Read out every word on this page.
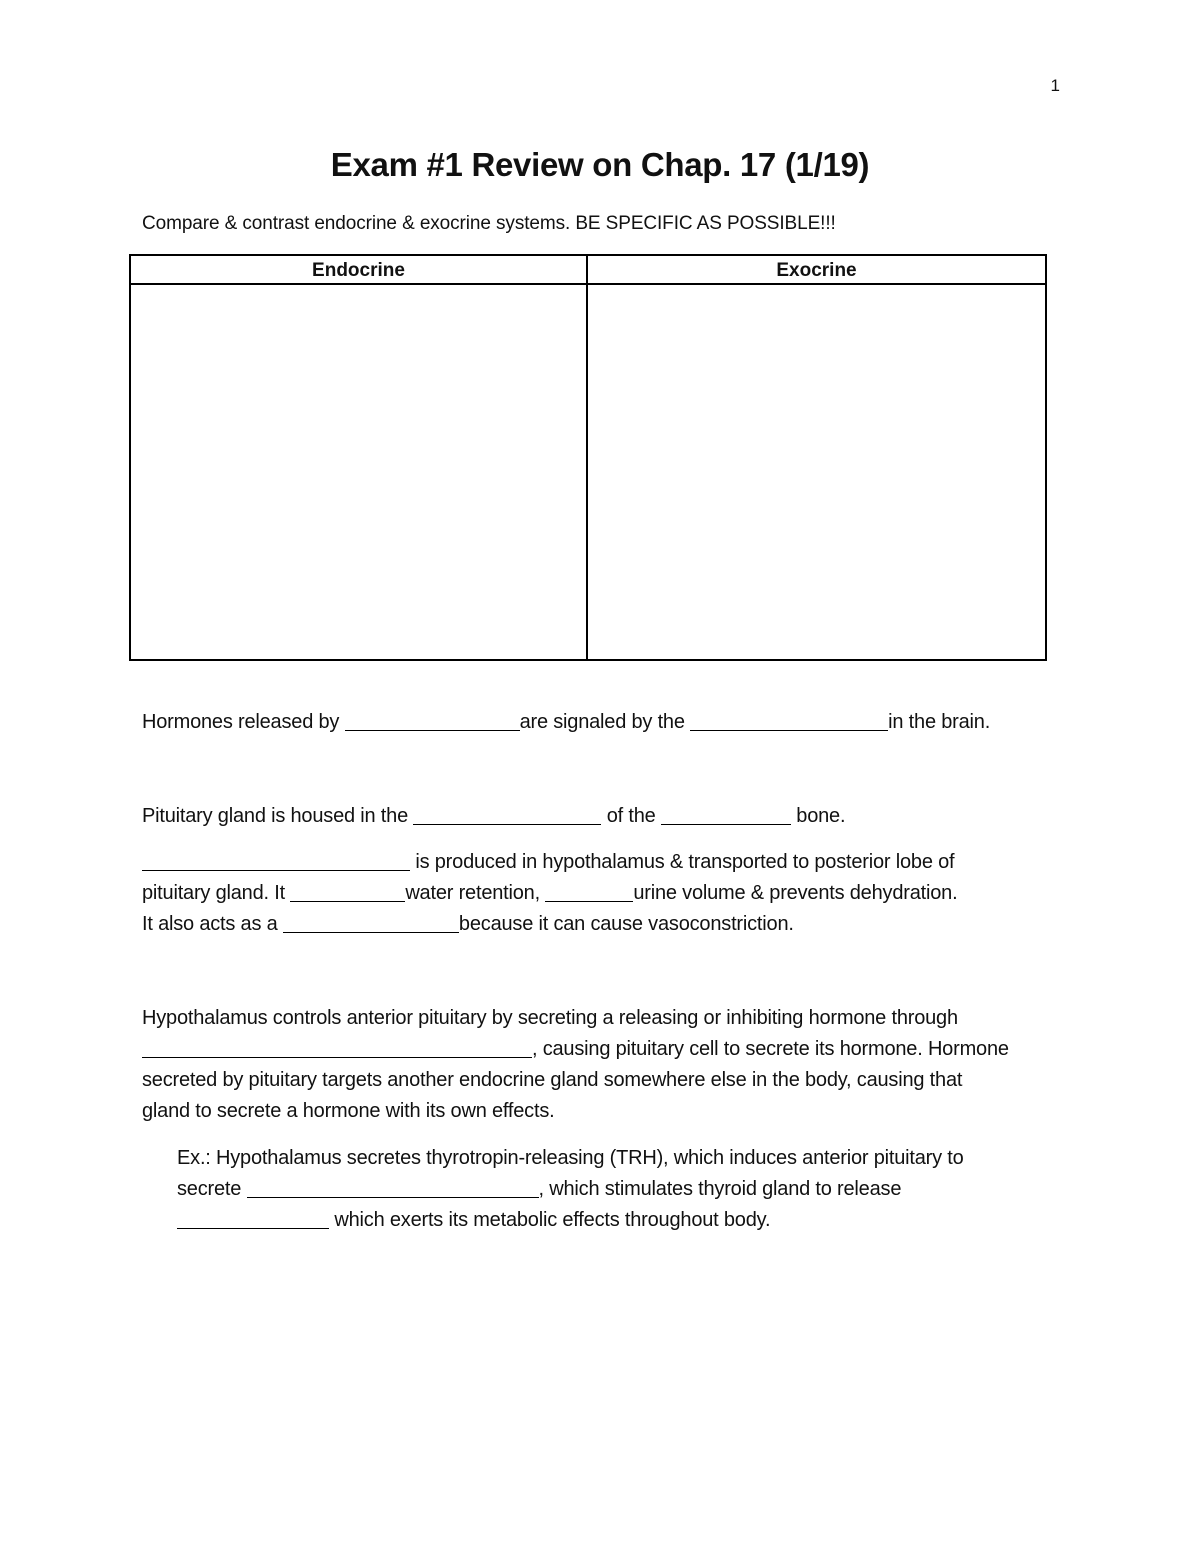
1
Exam #1 Review on Chap. 17 (1/19)
Compare & contrast endocrine & exocrine systems. BE SPECIFIC AS POSSIBLE!!!
Endocrine	Exocrine
Hormones released by	are signaled by the	in the brain.
Pituitary gland is housed in the	of the	bone.
is produced in hypothalamus & transported to posterior lobe of
pituitary gland. It	water retention,	urine volume & prevents dehydration.
It also acts as a	because it can cause vasoconstriction.
Hypothalamus controls anterior pituitary by secreting a releasing or inhibiting hormone through
, causing pituitary cell to secrete its hormone. Hormone
secreted by pituitary targets another endocrine gland somewhere else in the body, causing that
gland to secrete a hormone with its own effects.
Ex.: Hypothalamus secretes thyrotropin-releasing (TRH), which induces anterior pituitary to
secrete	, which stimulates thyroid gland to release
which exerts its metabolic effects throughout body.
